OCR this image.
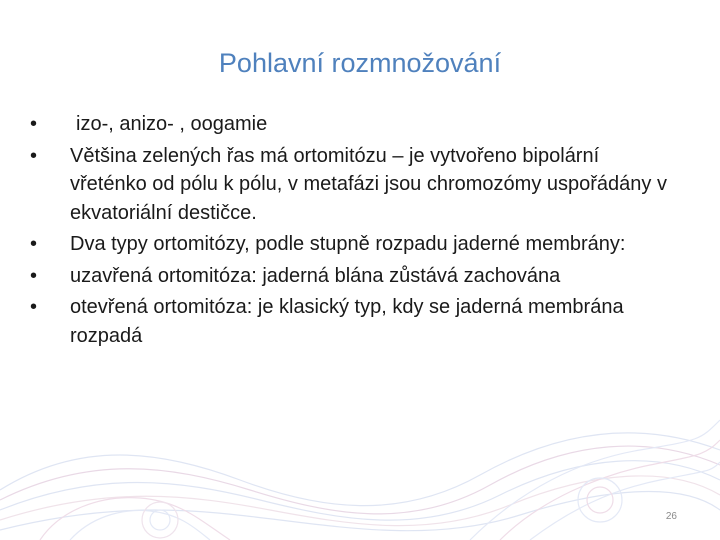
Pohlavní rozmnožování
•	izo-, anizo- , oogamie
•	Většina zelených řas má ortomitózu – je vytvořeno bipolární vřeténko od pólu k pólu, v metafázi jsou chromozómy uspořádány v ekvatoriální destičce.
•	Dva typy ortomitózy, podle stupně rozpadu jaderné membrány:
•	uzavřená ortomitóza: jaderná blána zůstává zachována
•	otevřená ortomitóza: je klasický typ, kdy se jaderná membrána rozpadá
26
